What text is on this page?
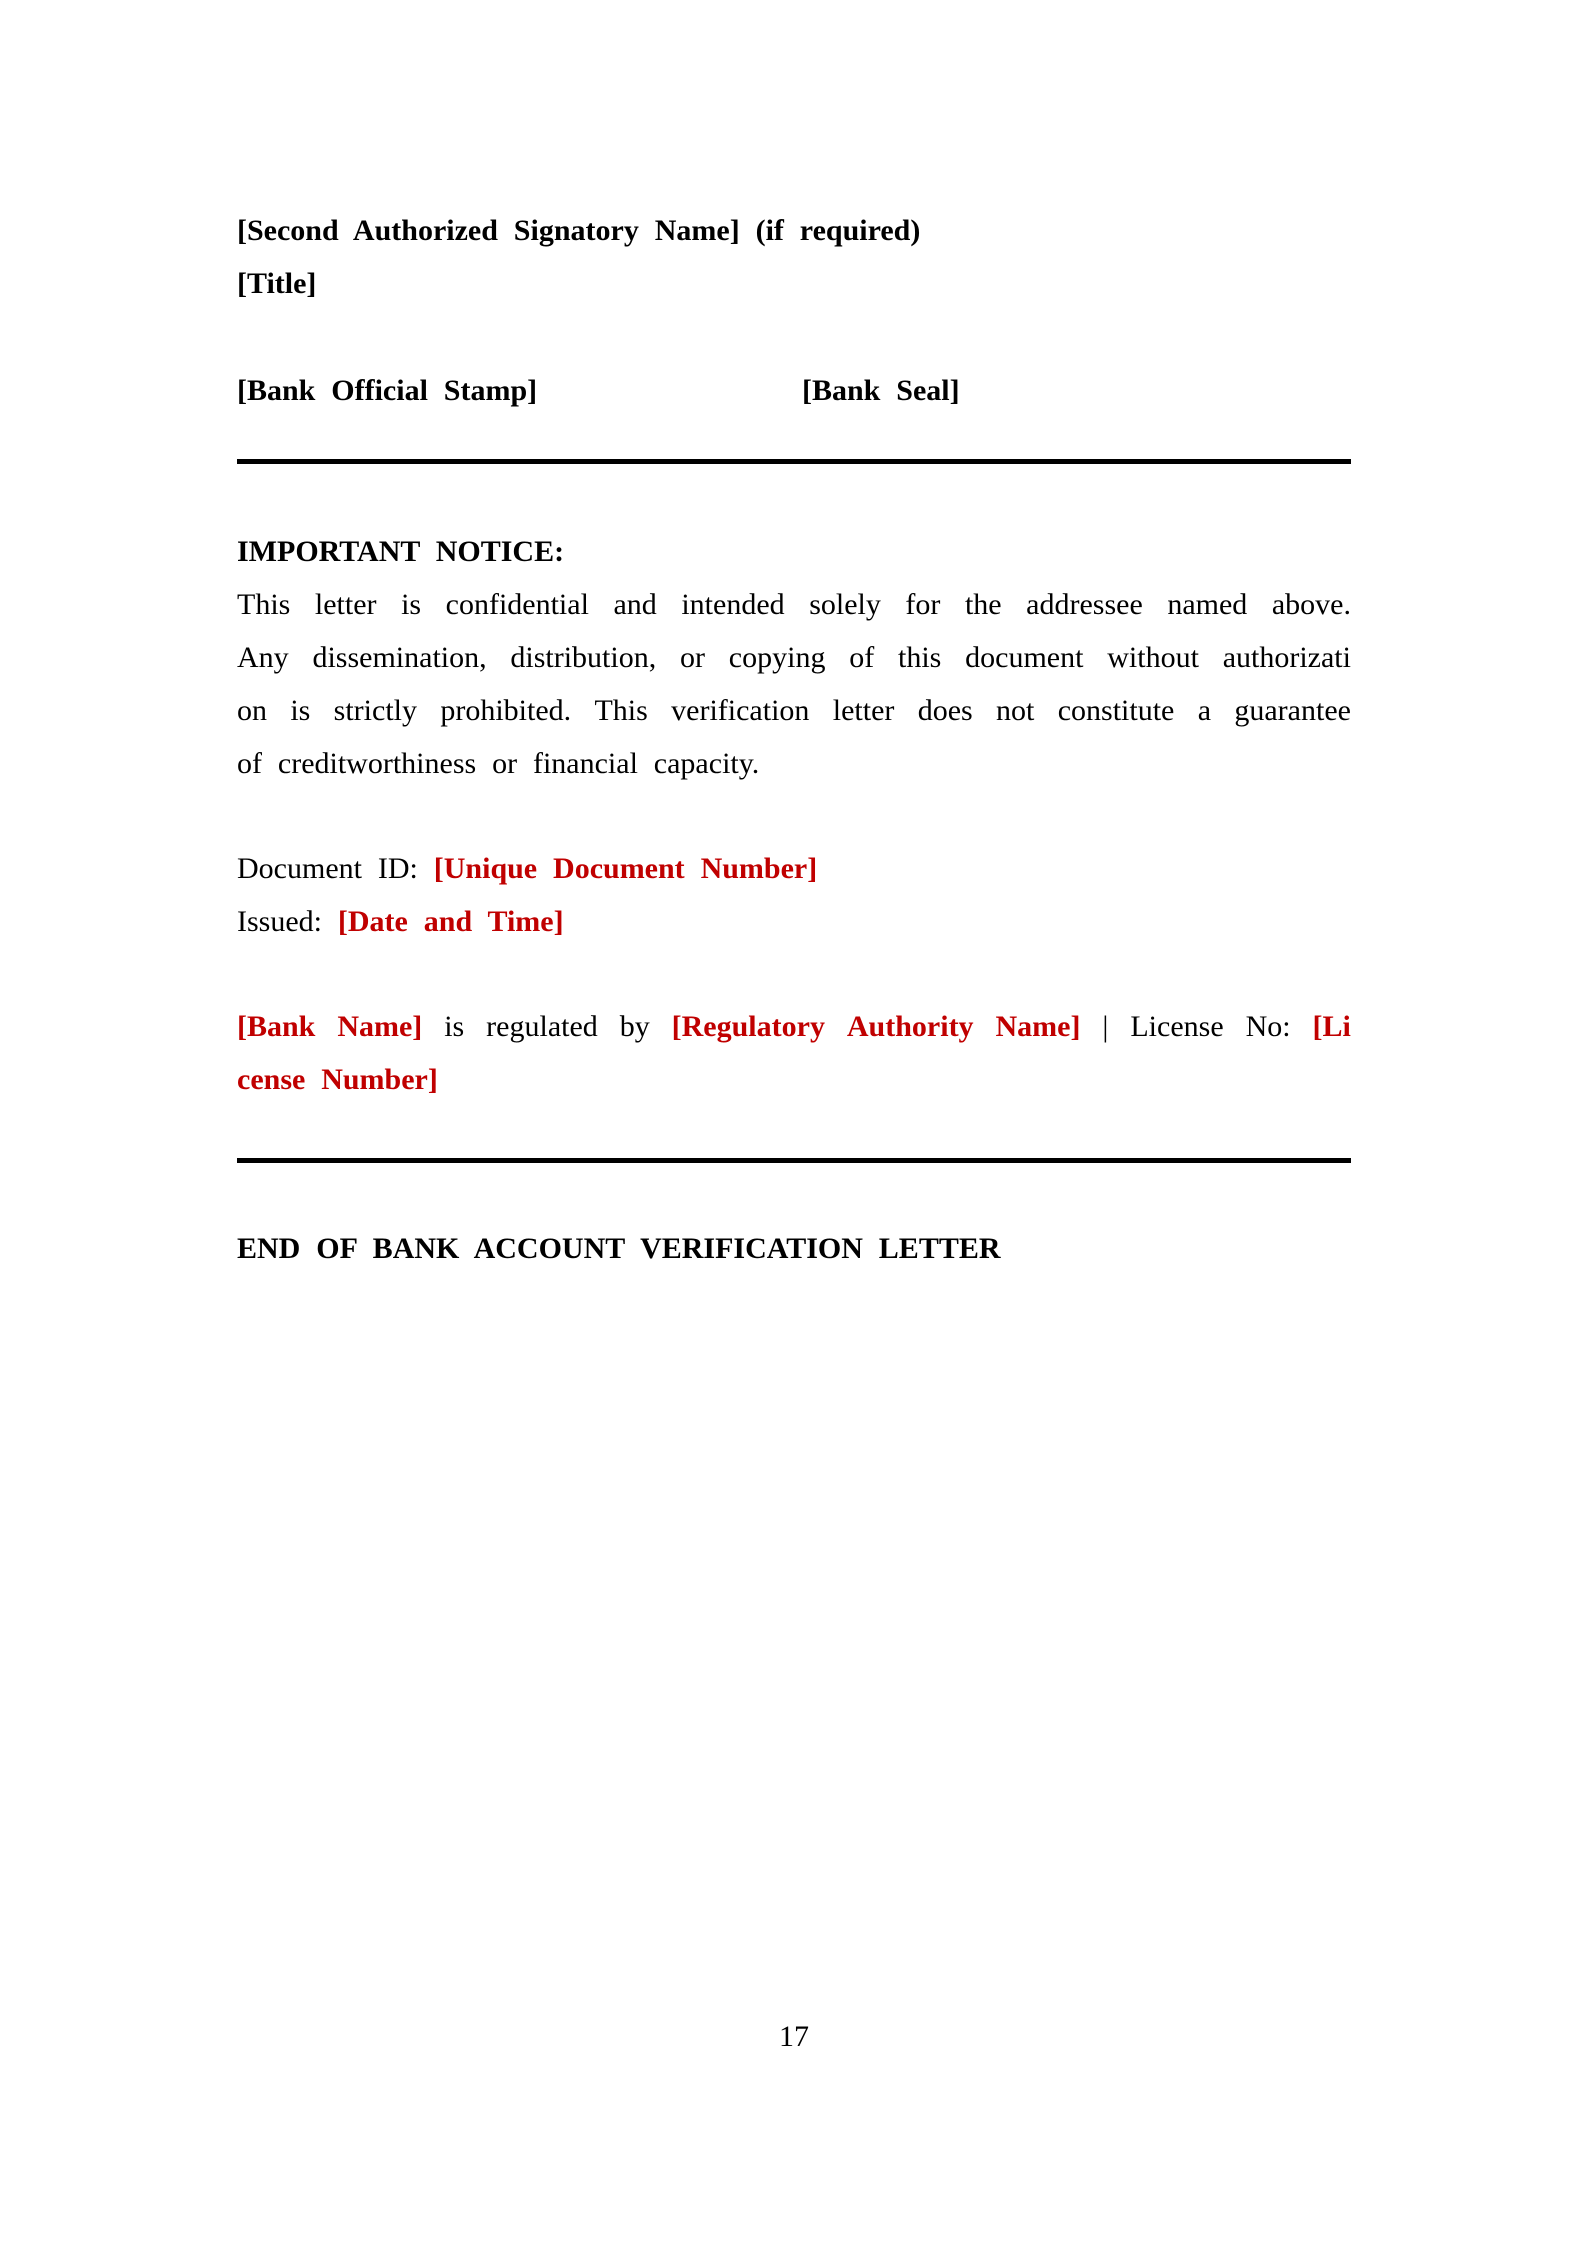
[Second Authorized Signatory Name] (if required)
[Title]
[Bank Official Stamp]	[Bank Seal]
IMPORTANT NOTICE:
This letter is confidential and intended solely for the addressee named above.
Any dissemination, distribution, or copying of this document without authorizati
on is strictly prohibited. This verification letter does not constitute a guarantee
of creditworthiness or financial capacity.
Document ID: [Unique Document Number]
Issued: [Date and Time]
[Bank Name] is regulated by [Regulatory Authority Name] | License No: [Li
cense Number]
END OF BANK ACCOUNT VERIFICATION LETTER
17
